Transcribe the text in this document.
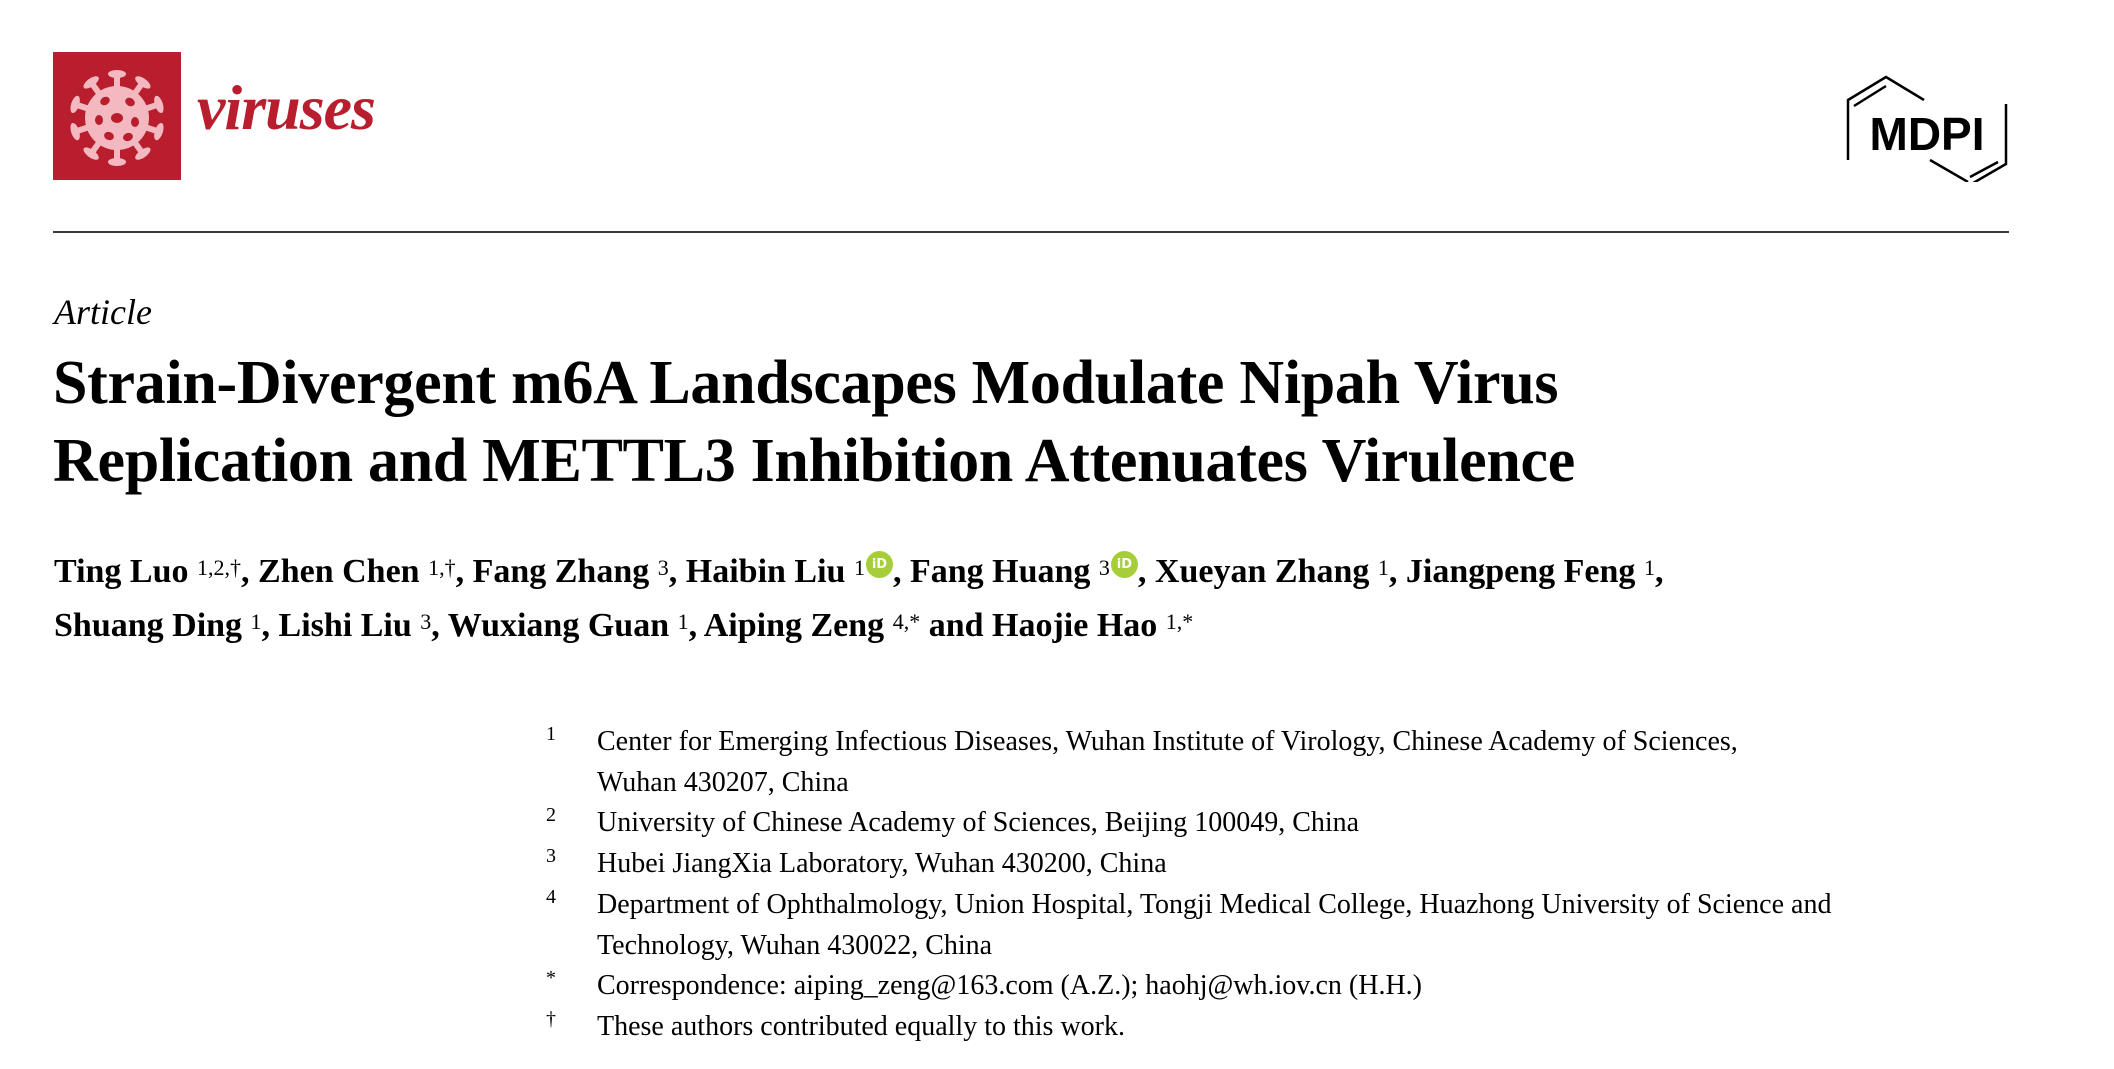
viruses	MDPI
Article
Strain-Divergent m6A Landscapes Modulate Nipah Virus
Replication and METTL3 Inhibition Attenuates Virulence
Ting Luo $^{1,2,\dagger}$, Zhen Chen $^{1,\dagger}$, Fang Zhang $^3$, Haibin Liu $^1$ iD , Fang Huang $^3$ iD , Xueyan Zhang $^1$, Jiangpeng Feng $^1$,
Shuang Ding $^1$, Lishi Liu $^3$, Wuxiang Guan $^1$, Aiping Zeng $^{4,*}$ and Haojie Hao $^{1,*}$
1	Center for Emerging Infectious Diseases, Wuhan Institute of Virology, Chinese Academy of Sciences,
Wuhan 430207, China
2	University of Chinese Academy of Sciences, Beijing 100049, China
3	Hubei JiangXia Laboratory, Wuhan 430200, China
4	Department of Ophthalmology, Union Hospital, Tongji Medical College, Huazhong University of Science and
Technology, Wuhan 430022, China
*	Correspondence: aiping_zeng@163.com (A.Z.); haohj@wh.iov.cn (H.H.)
†	These authors contributed equally to this work.
